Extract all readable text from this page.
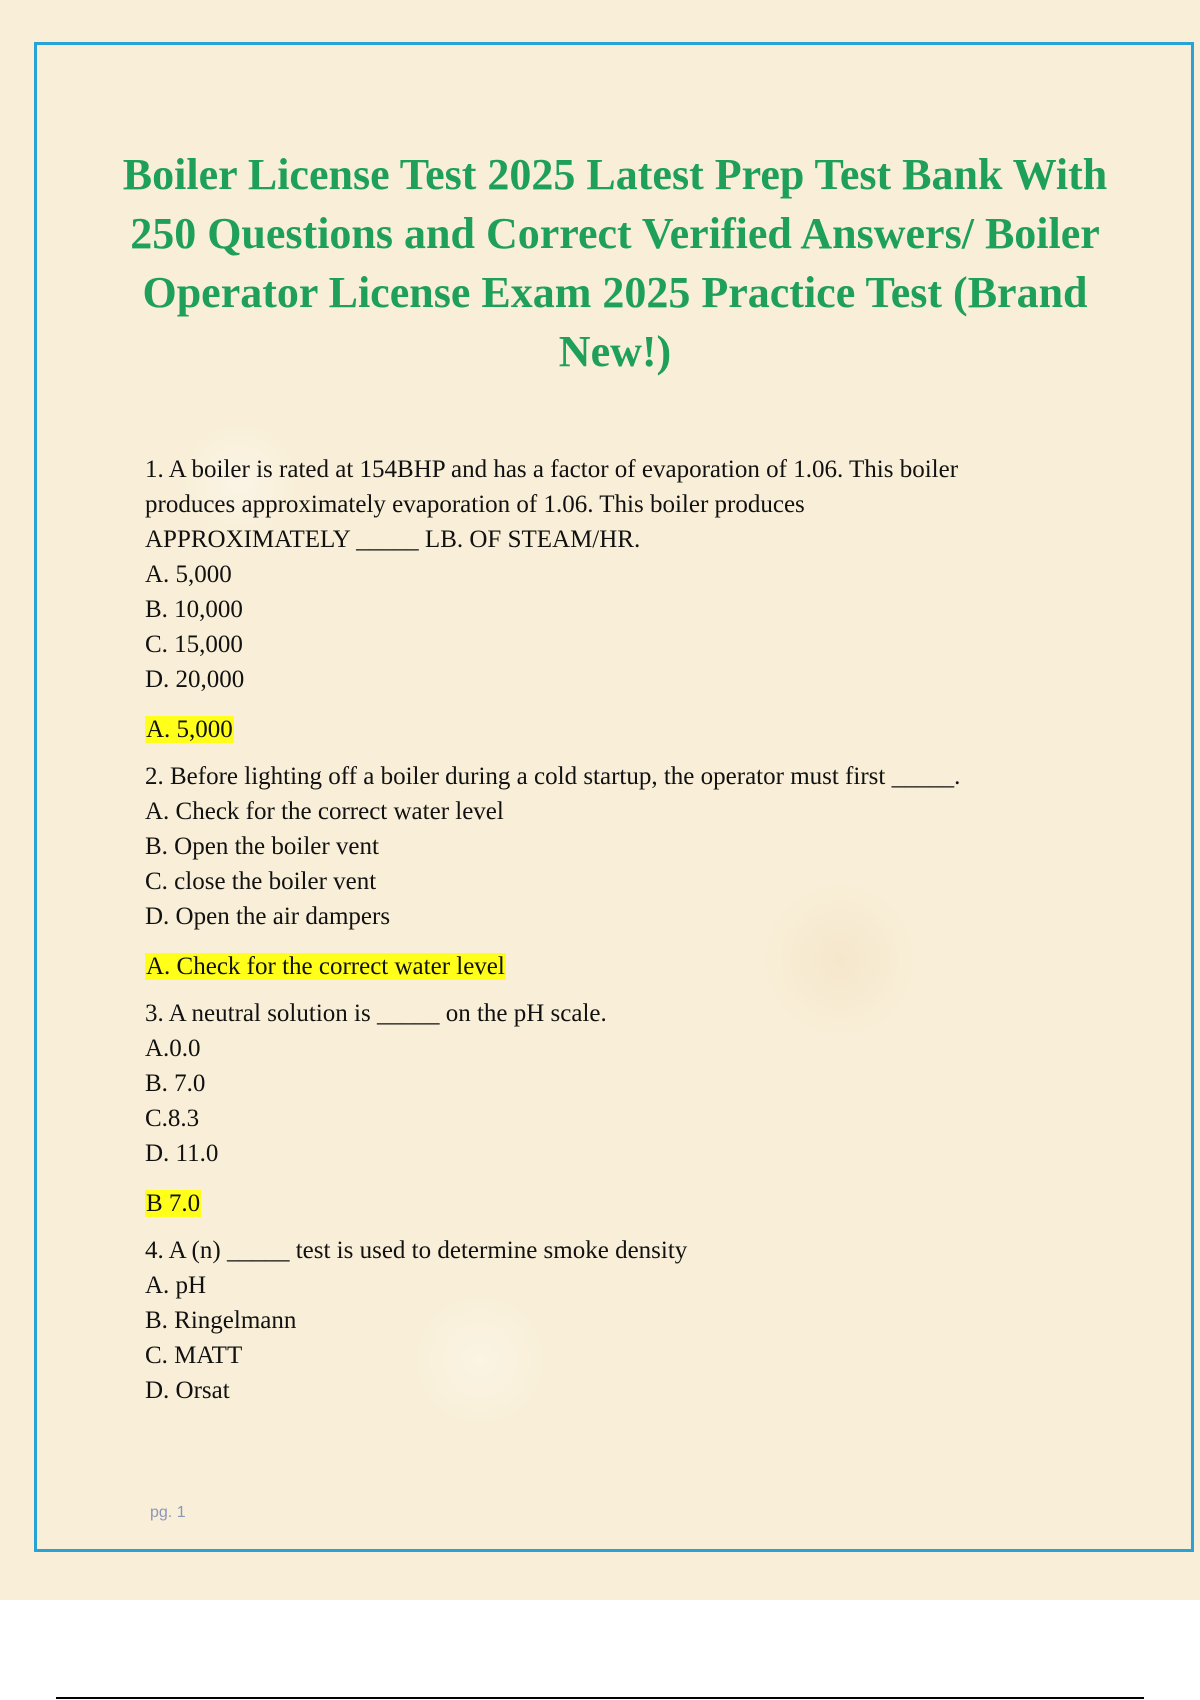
Boiler License Test 2025 Latest Prep Test Bank With 250 Questions and Correct Verified Answers/ Boiler Operator License Exam 2025 Practice Test (Brand New!)

1. A boiler is rated at 154BHP and has a factor of evaporation of 1.06. This boiler

produces approximately evaporation of 1.06. This boiler produces

APPROXIMATELY _____ LB. OF STEAM/HR.

A. 5,000

B. 10,000

C. 15,000

D. 20,000

A. 5,000

2. Before lighting off a boiler during a cold startup, the operator must first _____.

A. Check for the correct water level

B. Open the boiler vent

C. close the boiler vent

D. Open the air dampers

A. Check for the correct water level

3. A neutral solution is _____ on the pH scale.

A.0.0

B. 7.0

C.8.3

D. 11.0

B 7.0

4. A (n) _____ test is used to determine smoke density

A. pH

B. Ringelmann

C. MATT

D. Orsat

pg. 1
